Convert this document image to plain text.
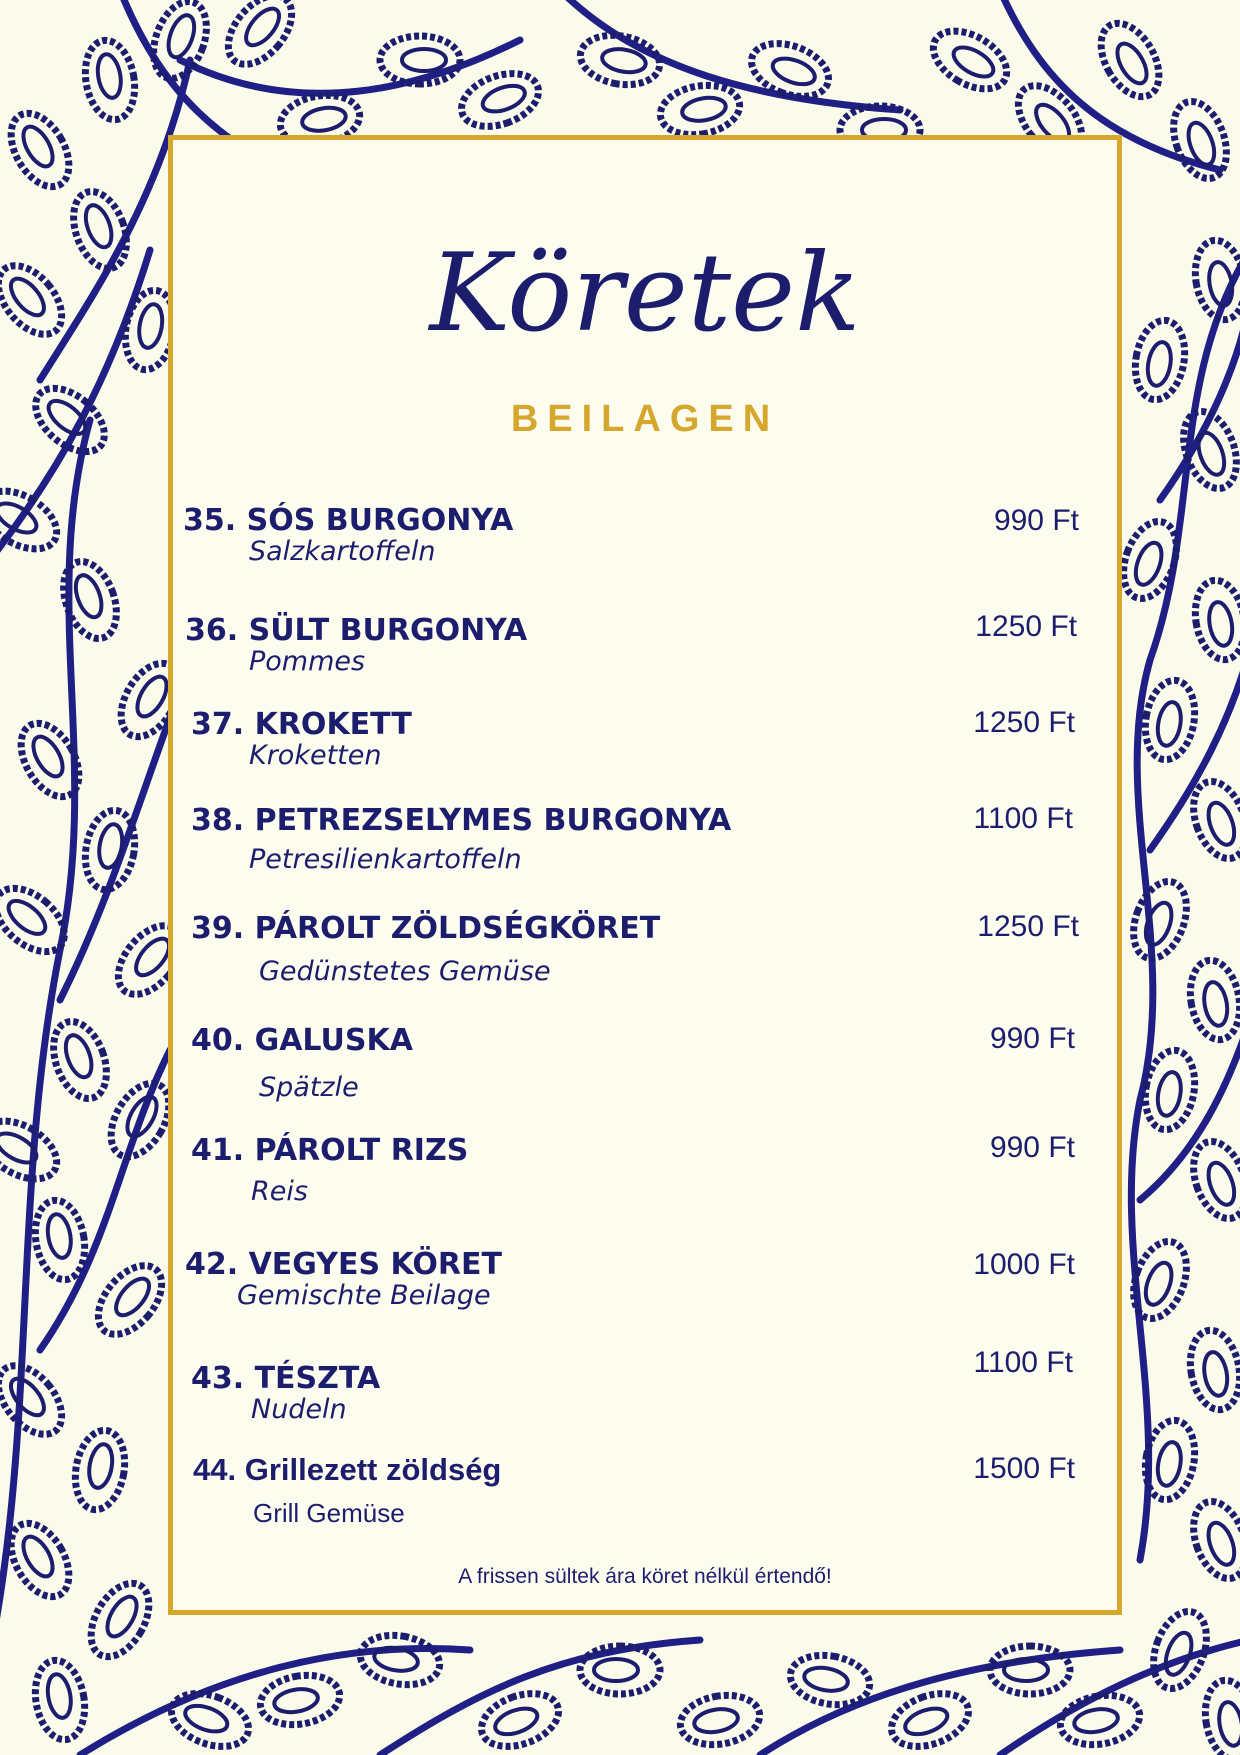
Köretek
BEILAGEN
35. SÓS BURGONYA
Salzkartoffeln
990 Ft
36. SÜLT BURGONYA
Pommes
1250 Ft
37. KROKETT
Kroketten
1250 Ft
38. PETREZSELYMES BURGONYA
Petresilienkartoffeln
1100 Ft
39. PÁROLT ZÖLDSÉGKÖRET
Gedünstetes Gemüse
1250 Ft
40. GALUSKA
Spätzle
990 Ft
41. PÁROLT RIZS
Reis
990 Ft
42. VEGYES KÖRET
Gemischte Beilage
1000 Ft
43. TÉSZTA
Nudeln
1100 Ft
44. Grillezett zöldség
Grill Gemüse
1500 Ft
A frissen sültek ára köret nélkül értendő!
